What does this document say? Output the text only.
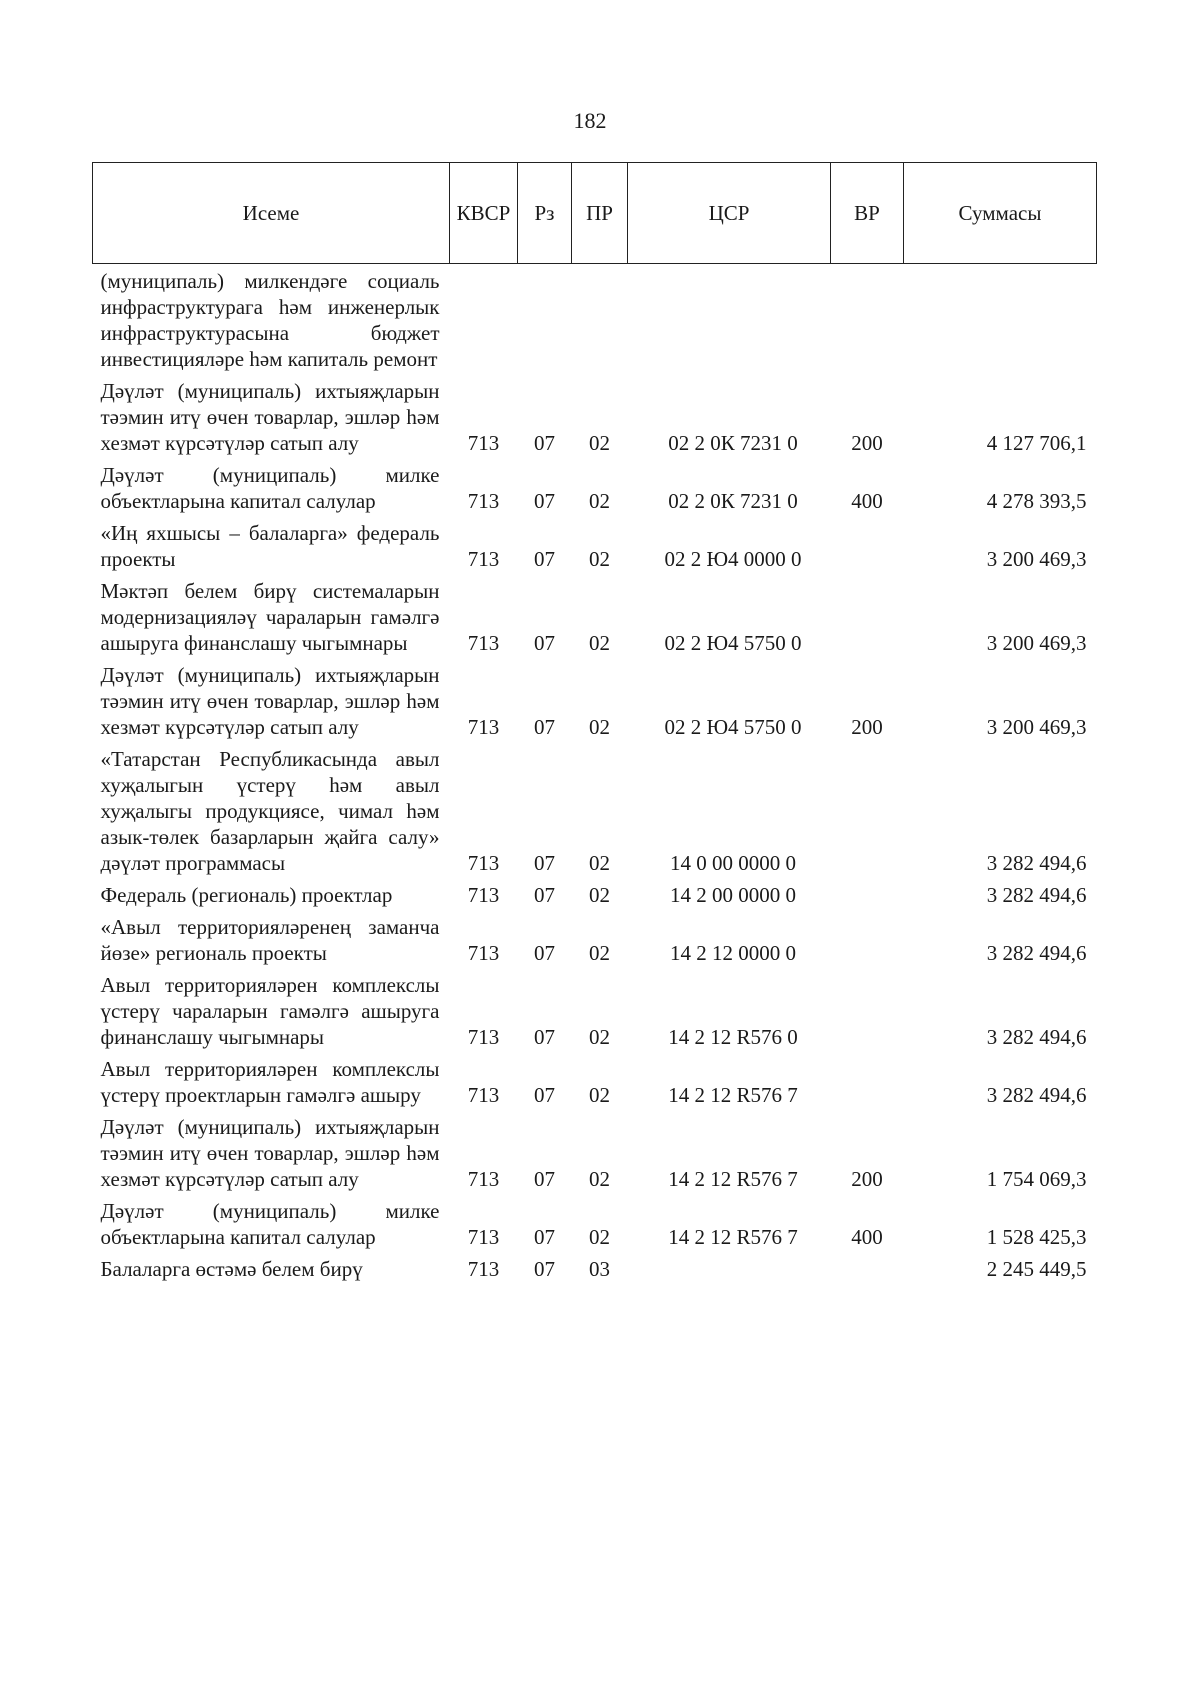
182
Исеме	КВСР	Рз	ПР	ЦСР	ВР	Суммасы
(муниципаль) милкендәге социаль инфраструктурага һәм инженерлык инфраструктурасына бюджет инвестицияләре һәм капиталь ремонт						
Дәүләт (муниципаль) ихтыяҗларын тәэмин итү өчен товарлар, эшләр һәм хезмәт күрсәтүләр сатып алу	713	07	02	02 2 0К 7231 0	200	4 127 706,1
Дәүләт (муниципаль) милке объектларына капитал салулар	713	07	02	02 2 0К 7231 0	400	4 278 393,5
«Иң яхшысы – балаларга» федераль проекты	713	07	02	02 2 Ю4 0000 0		3 200 469,3
Мәктәп белем бирү системаларын модернизацияләү чараларын гамәлгә ашыруга финанслашу чыгымнары	713	07	02	02 2 Ю4 5750 0		3 200 469,3
Дәүләт (муниципаль) ихтыяҗларын тәэмин итү өчен товарлар, эшләр һәм хезмәт күрсәтүләр сатып алу	713	07	02	02 2 Ю4 5750 0	200	3 200 469,3
«Татарстан Республикасында авыл хуҗалыгын үстерү һәм авыл хуҗалыгы продукциясе, чимал һәм азык-төлек базарларын җайга салу» дәүләт программасы	713	07	02	14 0 00 0000 0		3 282 494,6
Федераль (региональ) проектлар	713	07	02	14 2 00 0000 0		3 282 494,6
«Авыл территорияләренең заманча йөзе» региональ проекты	713	07	02	14 2 12 0000 0		3 282 494,6
Авыл территорияләрен комплекслы үстерү чараларын гамәлгә ашыруга финанслашу чыгымнары	713	07	02	14 2 12 R576 0		3 282 494,6
Авыл территорияләрен комплекслы үстерү проектларын гамәлгә ашыру	713	07	02	14 2 12 R576 7		3 282 494,6
Дәүләт (муниципаль) ихтыяҗларын тәэмин итү өчен товарлар, эшләр һәм хезмәт күрсәтүләр сатып алу	713	07	02	14 2 12 R576 7	200	1 754 069,3
Дәүләт (муниципаль) милке объектларына капитал салулар	713	07	02	14 2 12 R576 7	400	1 528 425,3
Балаларга өстәмә белем бирү	713	07	03			2 245 449,5
